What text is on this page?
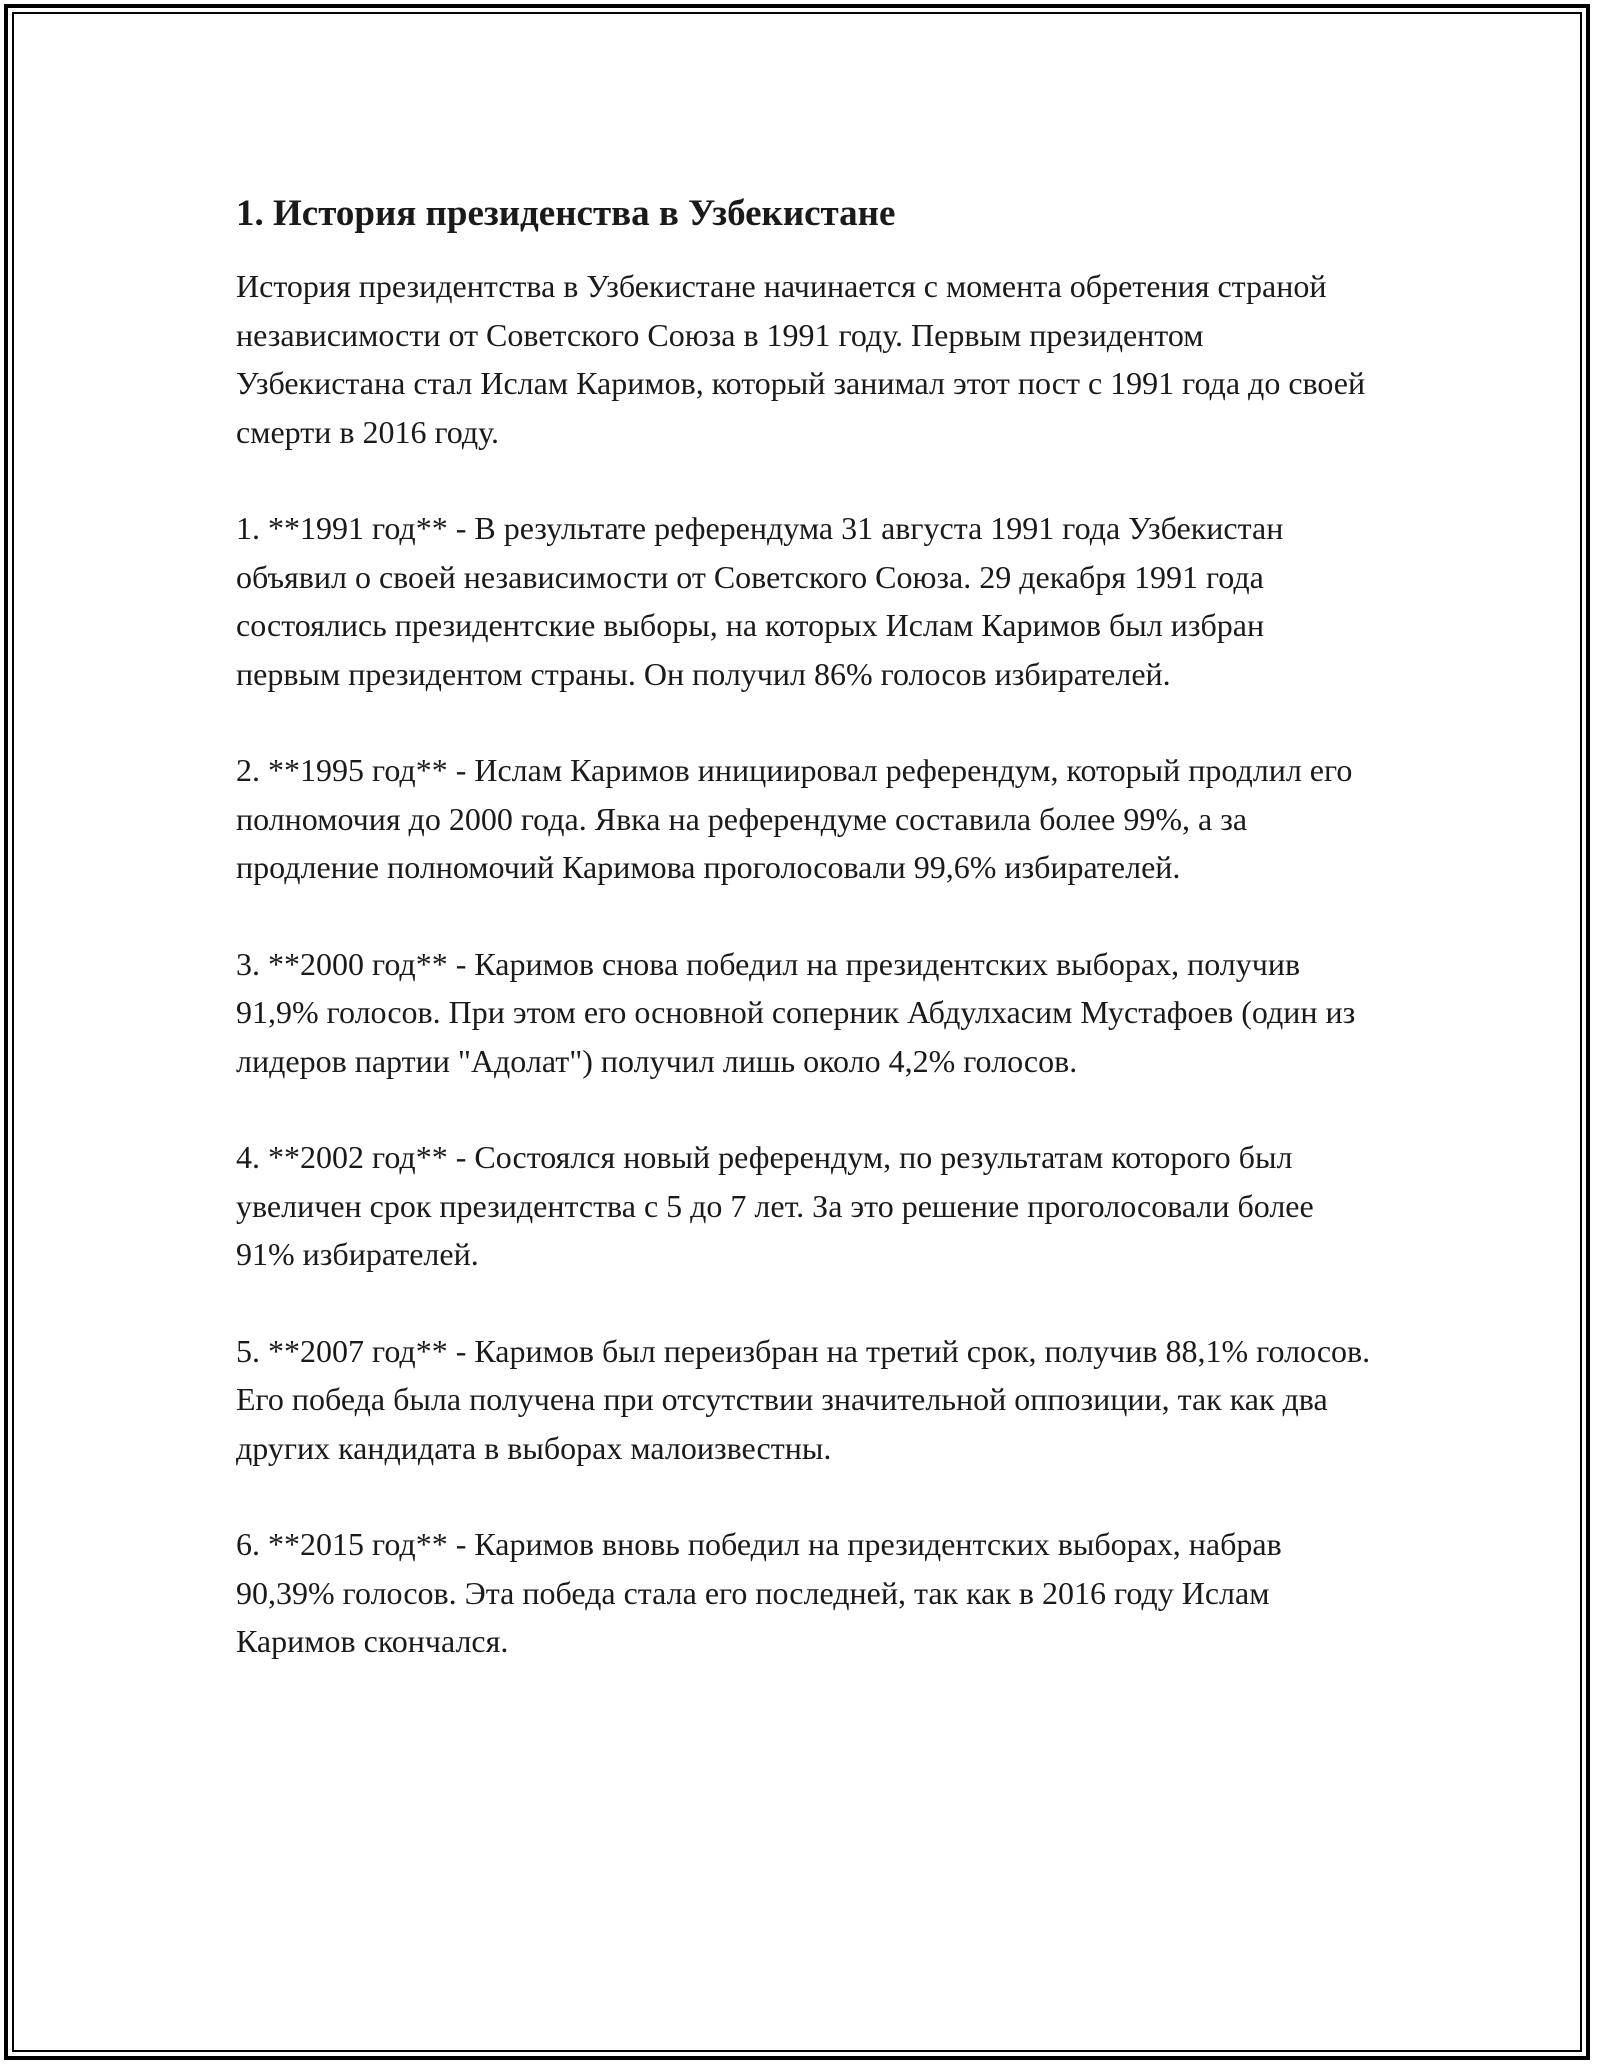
1. История президенства в Узбекистане

История президентства в Узбекистане начинается с момента обретения страной независимости от Советского Союза в 1991 году. Первым президентом Узбекистана стал Ислам Каримов, который занимал этот пост с 1991 года до своей смерти в 2016 году.

1. **1991 год** - В результате референдума 31 августа 1991 года Узбекистан объявил о своей независимости от Советского Союза. 29 декабря 1991 года состоялись президентские выборы, на которых Ислам Каримов был избран первым президентом страны. Он получил 86% голосов избирателей.
2. **1995 год** - Ислам Каримов инициировал референдум, который продлил его полномочия до 2000 года. Явка на референдуме составила более 99%, а за продление полномочий Каримова проголосовали 99,6% избирателей.
3. **2000 год** - Каримов снова победил на президентских выборах, получив 91,9% голосов. При этом его основной соперник Абдулхасим Мустафоев (один из лидеров партии "Адолат") получил лишь около 4,2% голосов.
4. **2002 год** - Состоялся новый референдум, по результатам которого был увеличен срок президентства с 5 до 7 лет. За это решение проголосовали более 91% избирателей.
5. **2007 год** - Каримов был переизбран на третий срок, получив 88,1% голосов. Его победа была получена при отсутствии значительной оппозиции, так как два других кандидата в выборах малоизвестны.
6. **2015 год** - Каримов вновь победил на президентских выборах, набрав 90,39% голосов. Эта победа стала его последней, так как в 2016 году Ислам Каримов скончался.
